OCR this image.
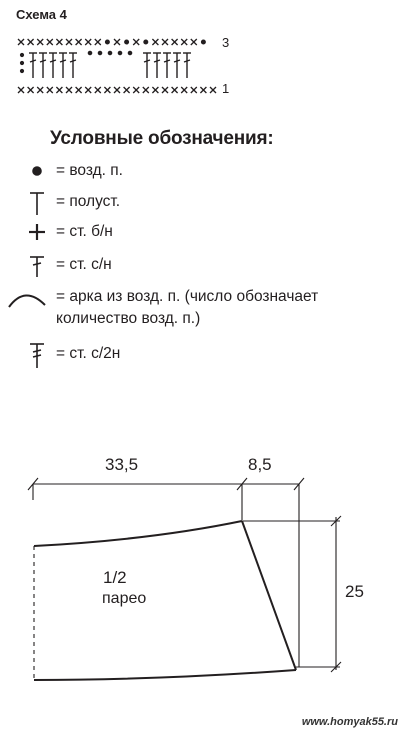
Схема 4
3
1
Условные обозначения:
= возд. п.
= полуст.
= ст. б/н
= ст. с/н
= арка из возд. п. (число обозначает количество возд. п.)
= ст. с/2н
33,5	8,5
25
1/2
парео
www.homyak55.ru
